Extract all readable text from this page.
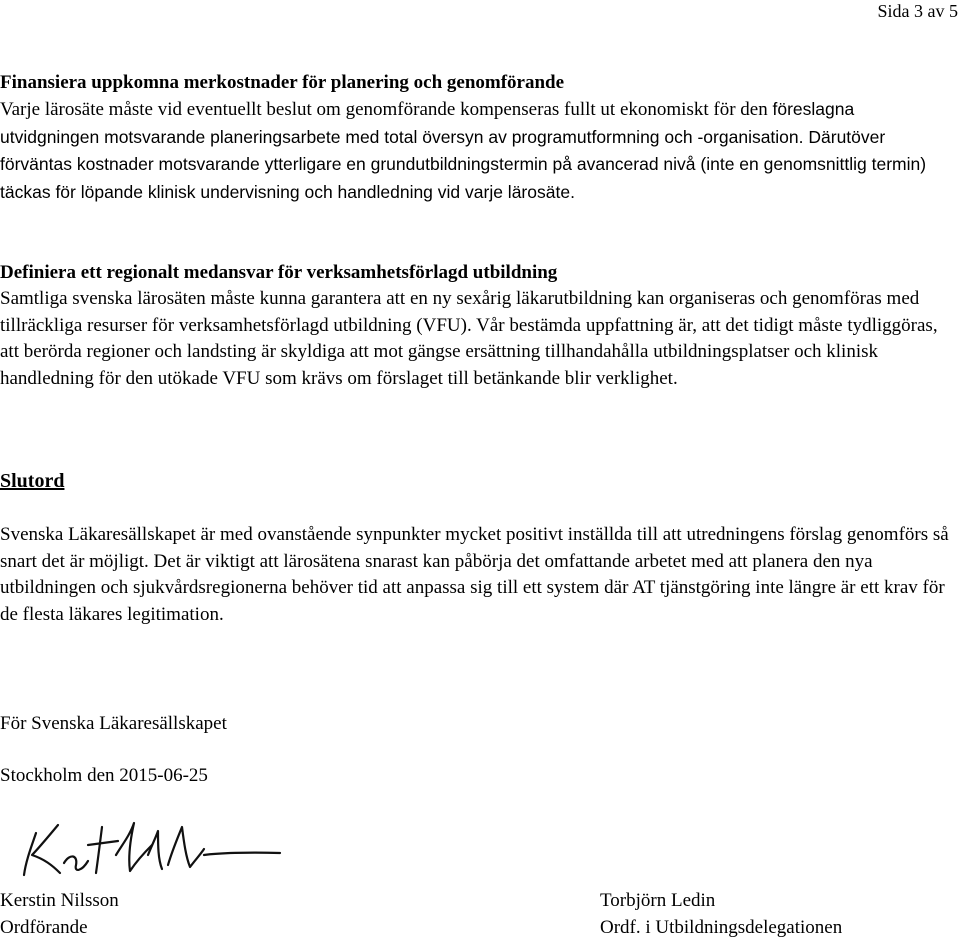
Sida 3 av 5

Finansiera uppkomna merkostnader för planering och genomförande

Varje lärosäte måste vid eventuellt beslut om genomförande kompenseras fullt ut ekonomiskt för den föreslagna utvidgningen motsvarande planeringsarbete med total översyn av programutformning och -organisation. Därutöver förväntas kostnader motsvarande ytterligare en grundutbildningstermin på avancerad nivå (inte en genomsnittlig termin) täckas för löpande klinisk undervisning och handledning vid varje lärosäte.

Definiera ett regionalt medansvar för verksamhetsförlagd utbildning

Samtliga svenska lärosäten måste kunna garantera att en ny sexårig läkarutbildning kan organiseras och genomföras med tillräckliga resurser för verksamhetsförlagd utbildning (VFU). Vår bestämda uppfattning är, att det tidigt måste tydliggöras, att berörda regioner och landsting är skyldiga att mot gängse ersättning tillhandahålla utbildningsplatser och klinisk handledning för den utökade VFU som krävs om förslaget till betänkande blir verklighet.

Slutord

Svenska Läkaresällskapet är med ovanstående synpunkter mycket positivt inställda till att utredningens förslag genomförs så snart det är möjligt. Det är viktigt att lärosätena snarast kan påbörja det omfattande arbetet med att planera den nya utbildningen och sjukvårdsregionerna behöver tid att anpassa sig till ett system där AT tjänstgöring inte längre är ett krav för de flesta läkares legitimation.

För Svenska Läkaresällskapet
Stockholm den 2015-06-25
Kerstin Nilsson
Ordförande
Torbjörn Ledin
Ordf. i Utbildningsdelegationen
